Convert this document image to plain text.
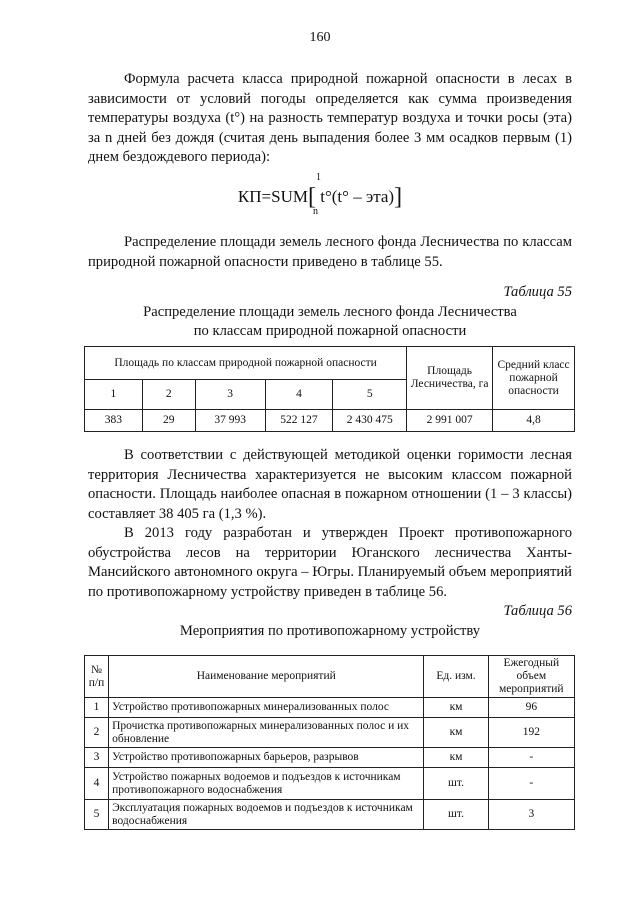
160

Формула расчета класса природной пожарной опасности в лесах в зависимости от условий погоды определяется как сумма произведения температуры воздуха (t°) на разность температур воздуха и точки росы (эта) за n дней без дождя (считая день выпадения более 3 мм осадков первым (1) днем бездождевого периода):

КП=SUM[ t°(t° – эта)]
1
n

Распределение площади земель лесного фонда Лесничества по классам природной пожарной опасности приведено в таблице 55.

Таблица 55
Распределение площади земель лесного фонда Лесничества
по классам природной пожарной опасности
Площадь по классам природной пожарной опасности					Площадь Лесничества, га	Средний класс пожарной опасности
1	2	3	4	5		
383	29	37 993	522 127	2 430 475	2 991 007	4,8

В соответствии с действующей методикой оценки горимости лесная территория Лесничества характеризуется не высоким классом пожарной опасности. Площадь наиболее опасная в пожарном отношении (1 – 3 классы) составляет 38 405 га (1,3 %).

В 2013 году разработан и утвержден Проект противопожарного обустройства лесов на территории Юганского лесничества Ханты-Мансийского автономного округа – Югры. Планируемый объем мероприятий по противопожарному устройству приведен в таблице 56.

Таблица 56
Мероприятия по противопожарному устройству
№ п/п	Наименование мероприятий	Ед. изм.	Ежегодный объем мероприятий
1	Устройство противопожарных минерализованных полос	км	96
2	Прочистка противопожарных минерализованных полос и их обновление	км	192
3	Устройство противопожарных барьеров, разрывов	км	-
4	Устройство пожарных водоемов и подъездов к источникам противопожарного водоснабжения	шт.	-
5	Эксплуатация пожарных водоемов и подъездов к источникам водоснабжения	шт.	3
